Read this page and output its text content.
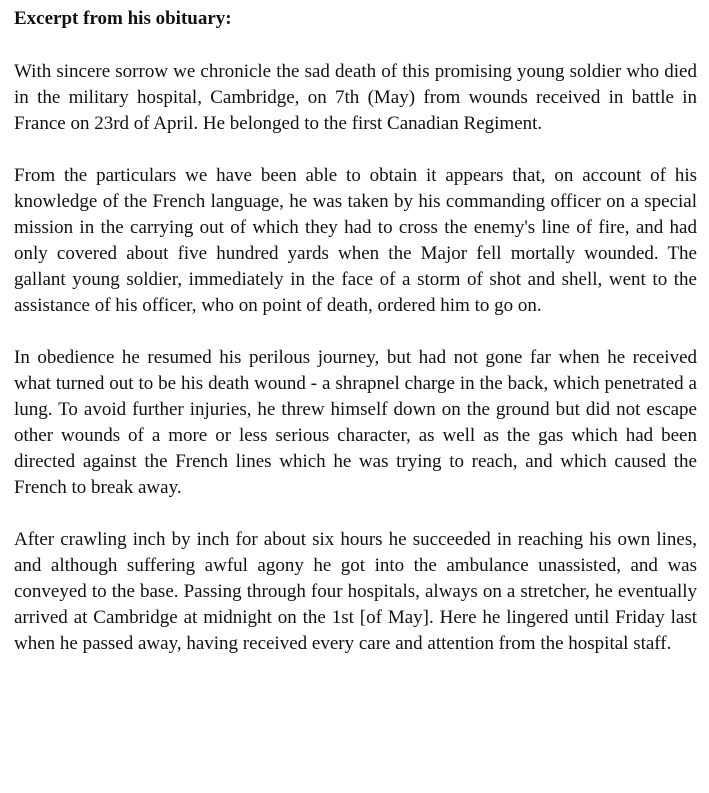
Excerpt from his obituary:

With sincere sorrow we chronicle the sad death of this promising young soldier who died in the military hospital, Cambridge, on 7th (May) from wounds received in battle in France on 23rd of April. He belonged to the first Canadian Regiment.

From the particulars we have been able to obtain it appears that, on account of his knowledge of the French language, he was taken by his commanding officer on a special mission in the carrying out of which they had to cross the enemy's line of fire, and had only covered about five hundred yards when the Major fell mortally wounded. The gallant young soldier, immediately in the face of a storm of shot and shell, went to the assistance of his officer, who on point of death, ordered him to go on.

In obedience he resumed his perilous journey, but had not gone far when he received what turned out to be his death wound - a shrapnel charge in the back, which penetrated a lung. To avoid further injuries, he threw himself down on the ground but did not escape other wounds of a more or less serious character, as well as the gas which had been directed against the French lines which he was trying to reach, and which caused the French to break away.

After crawling inch by inch for about six hours he succeeded in reaching his own lines, and although suffering awful agony he got into the ambulance unassisted, and was conveyed to the base. Passing through four hospitals, always on a stretcher, he eventually arrived at Cambridge at midnight on the 1st [of May]. Here he lingered until Friday last when he passed away, having received every care and attention from the hospital staff.
